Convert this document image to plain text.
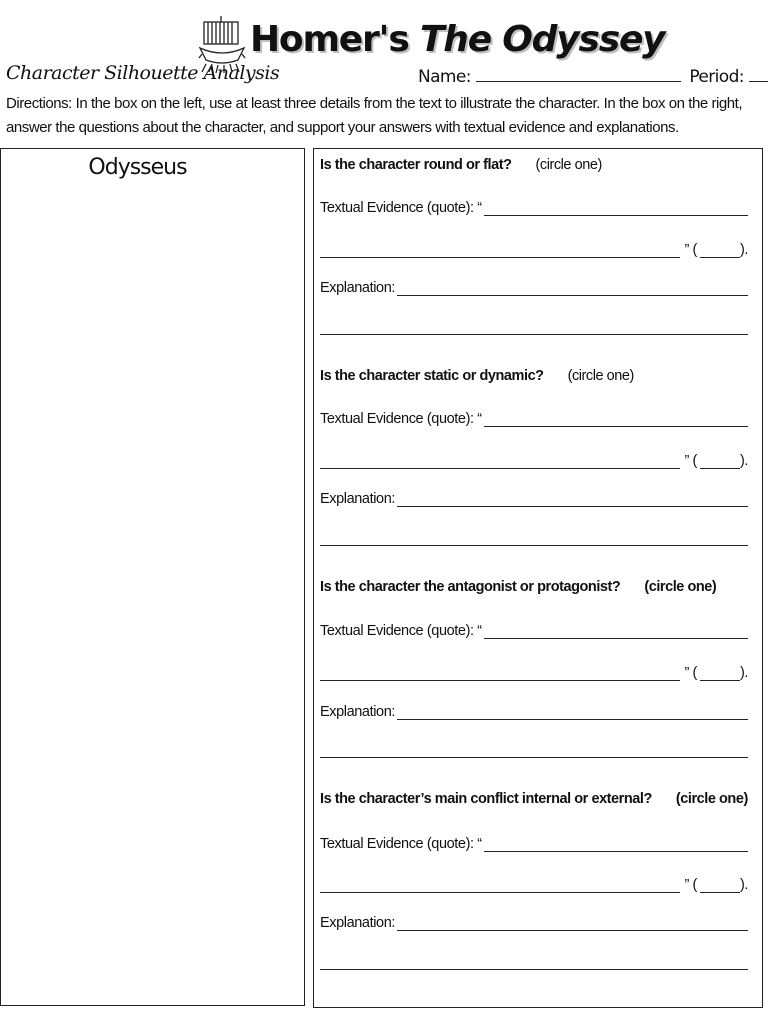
Homer's The Odyssey
Character Silhouette Analysis	Name:	Period:
Directions: In the box on the left, use at least three details from the text to illustrate the character. In the box on the right, answer the questions about the character, and support your answers with textual evidence and explanations.
Odysseus	Is the character round or flat? (circle one)
Textual Evidence (quote): “
” (	).
Explanation:
Is the character static or dynamic? (circle one)
Textual Evidence (quote): “
” (	).
Explanation:
Is the character the antagonist or protagonist? (circle one)
Textual Evidence (quote): “
” (	).
Explanation:
Is the character’s main conflict internal or external? (circle one)
Textual Evidence (quote): “
” (	).
Explanation:
